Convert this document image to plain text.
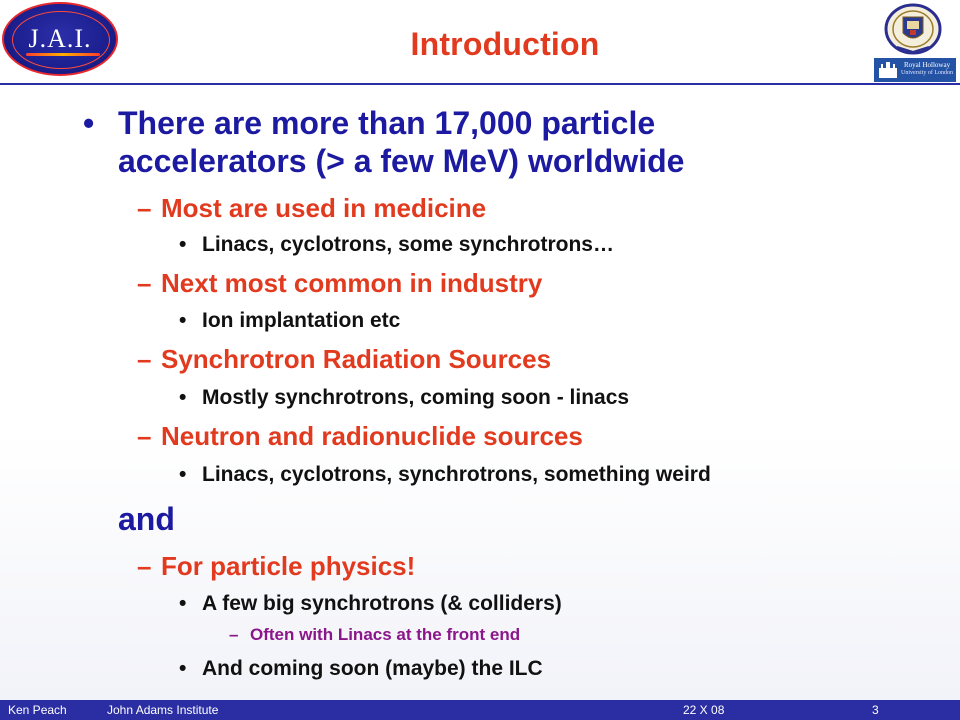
J.A.I.	Introduction
Royal Holloway
University of London
• There are more than 17,000 particle accelerators (> a few MeV) worldwide
– Most are used in medicine
• Linacs, cyclotrons, some synchrotrons…
– Next most common in industry
• Ion implantation etc
– Synchrotron Radiation Sources
• Mostly synchrotrons, coming soon - linacs
– Neutron and radionuclide sources
• Linacs, cyclotrons, synchrotrons, something weird
and
– For particle physics!
• A few big synchrotrons (& colliders)
– Often with Linacs at the front end
• And coming soon (maybe) the ILC
Ken Peach	John Adams Institute	22 X 08	3
